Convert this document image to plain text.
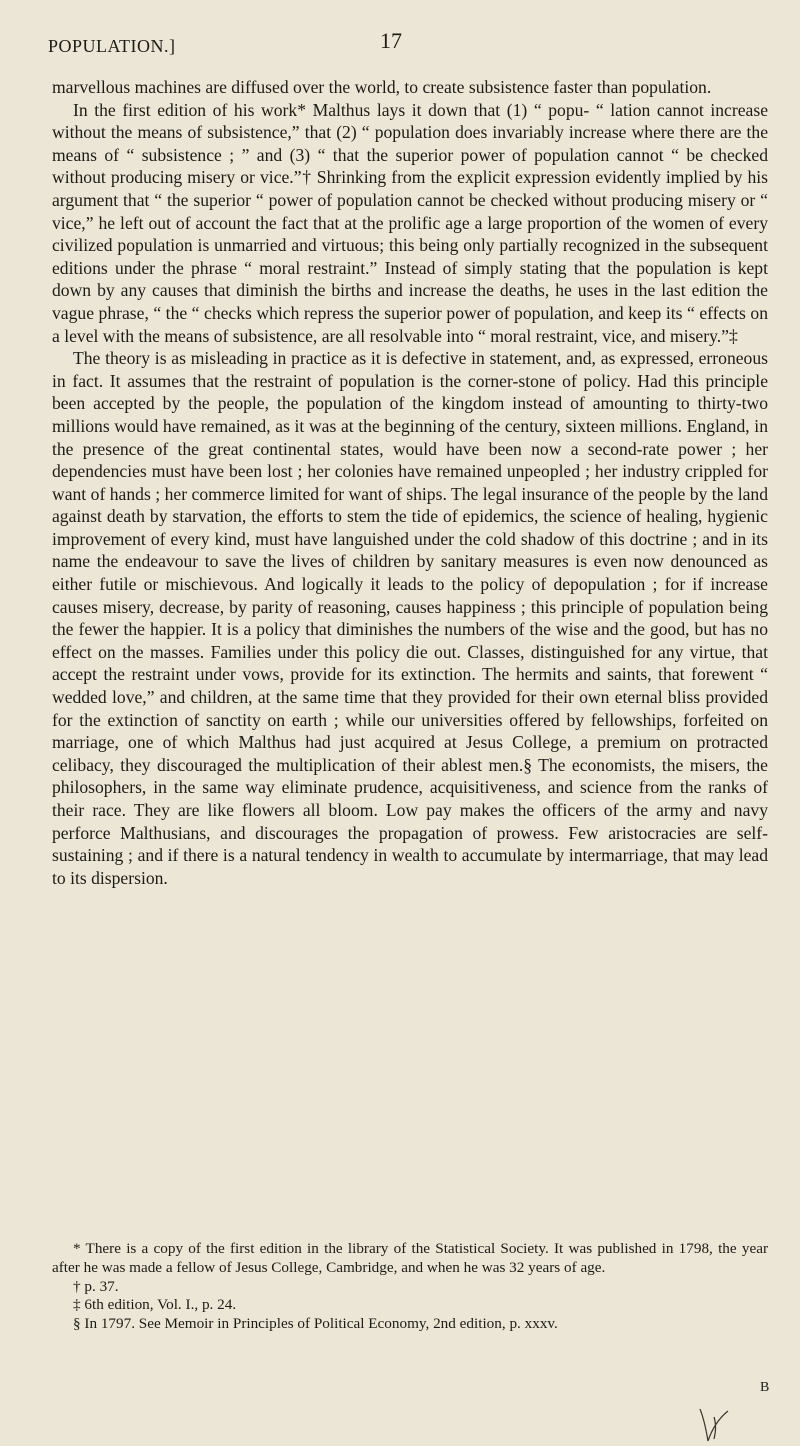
POPULATION.]	17

marvellous machines are diffused over the world, to create subsistence faster than population.

In the first edition of his work* Malthus lays it down that (1) “ popu- “ lation cannot increase without the means of subsistence,” that (2) “ population does invariably increase where there are the means of “ subsistence ; ” and (3) “ that the superior power of population cannot “ be checked without producing misery or vice.”† Shrinking from the explicit expression evidently implied by his argument that “ the superior “ power of population cannot be checked without producing misery or “ vice,” he left out of account the fact that at the prolific age a large proportion of the women of every civilized population is unmarried and virtuous; this being only partially recognized in the subsequent editions under the phrase “ moral restraint.” Instead of simply stating that the population is kept down by any causes that diminish the births and increase the deaths, he uses in the last edition the vague phrase, “ the “ checks which repress the superior power of population, and keep its “ effects on a level with the means of subsistence, are all resolvable into “ moral restraint, vice, and misery.”‡

The theory is as misleading in practice as it is defective in statement, and, as expressed, erroneous in fact. It assumes that the restraint of population is the corner-stone of policy. Had this principle been accepted by the people, the population of the kingdom instead of amounting to thirty-two millions would have remained, as it was at the beginning of the century, sixteen millions. England, in the presence of the great continental states, would have been now a second-rate power ; her dependencies must have been lost ; her colonies have remained unpeopled ; her industry crippled for want of hands ; her commerce limited for want of ships. The legal insurance of the people by the land against death by starvation, the efforts to stem the tide of epidemics, the science of healing, hygienic improvement of every kind, must have languished under the cold shadow of this doctrine ; and in its name the endeavour to save the lives of children by sanitary measures is even now denounced as either futile or mischievous. And logically it leads to the policy of depopulation ; for if increase causes misery, decrease, by parity of reasoning, causes happiness ; this principle of population being the fewer the happier. It is a policy that diminishes the numbers of the wise and the good, but has no effect on the masses. Families under this policy die out. Classes, distinguished for any virtue, that accept the restraint under vows, provide for its extinction. The hermits and saints, that forewent “ wedded love,” and children, at the same time that they provided for their own eternal bliss provided for the extinction of sanctity on earth ; while our universities offered by fellowships, forfeited on marriage, one of which Malthus had just acquired at Jesus College, a premium on protracted celibacy, they discouraged the multiplication of their ablest men.§ The economists, the misers, the philosophers, in the same way eliminate prudence, acquisitiveness, and science from the ranks of their race. They are like flowers all bloom. Low pay makes the officers of the army and navy perforce Malthusians, and discourages the propagation of prowess. Few aristocracies are self-sustaining ; and if there is a natural tendency in wealth to accumulate by intermarriage, that may lead to its dispersion.

* There is a copy of the first edition in the library of the Statistical Society. It was published in 1798, the year after he was made a fellow of Jesus College, Cambridge, and when he was 32 years of age.

† p. 37.

‡ 6th edition, Vol. I., p. 24.

§ In 1797. See Memoir in Principles of Political Economy, 2nd edition, p. xxxv.

B
